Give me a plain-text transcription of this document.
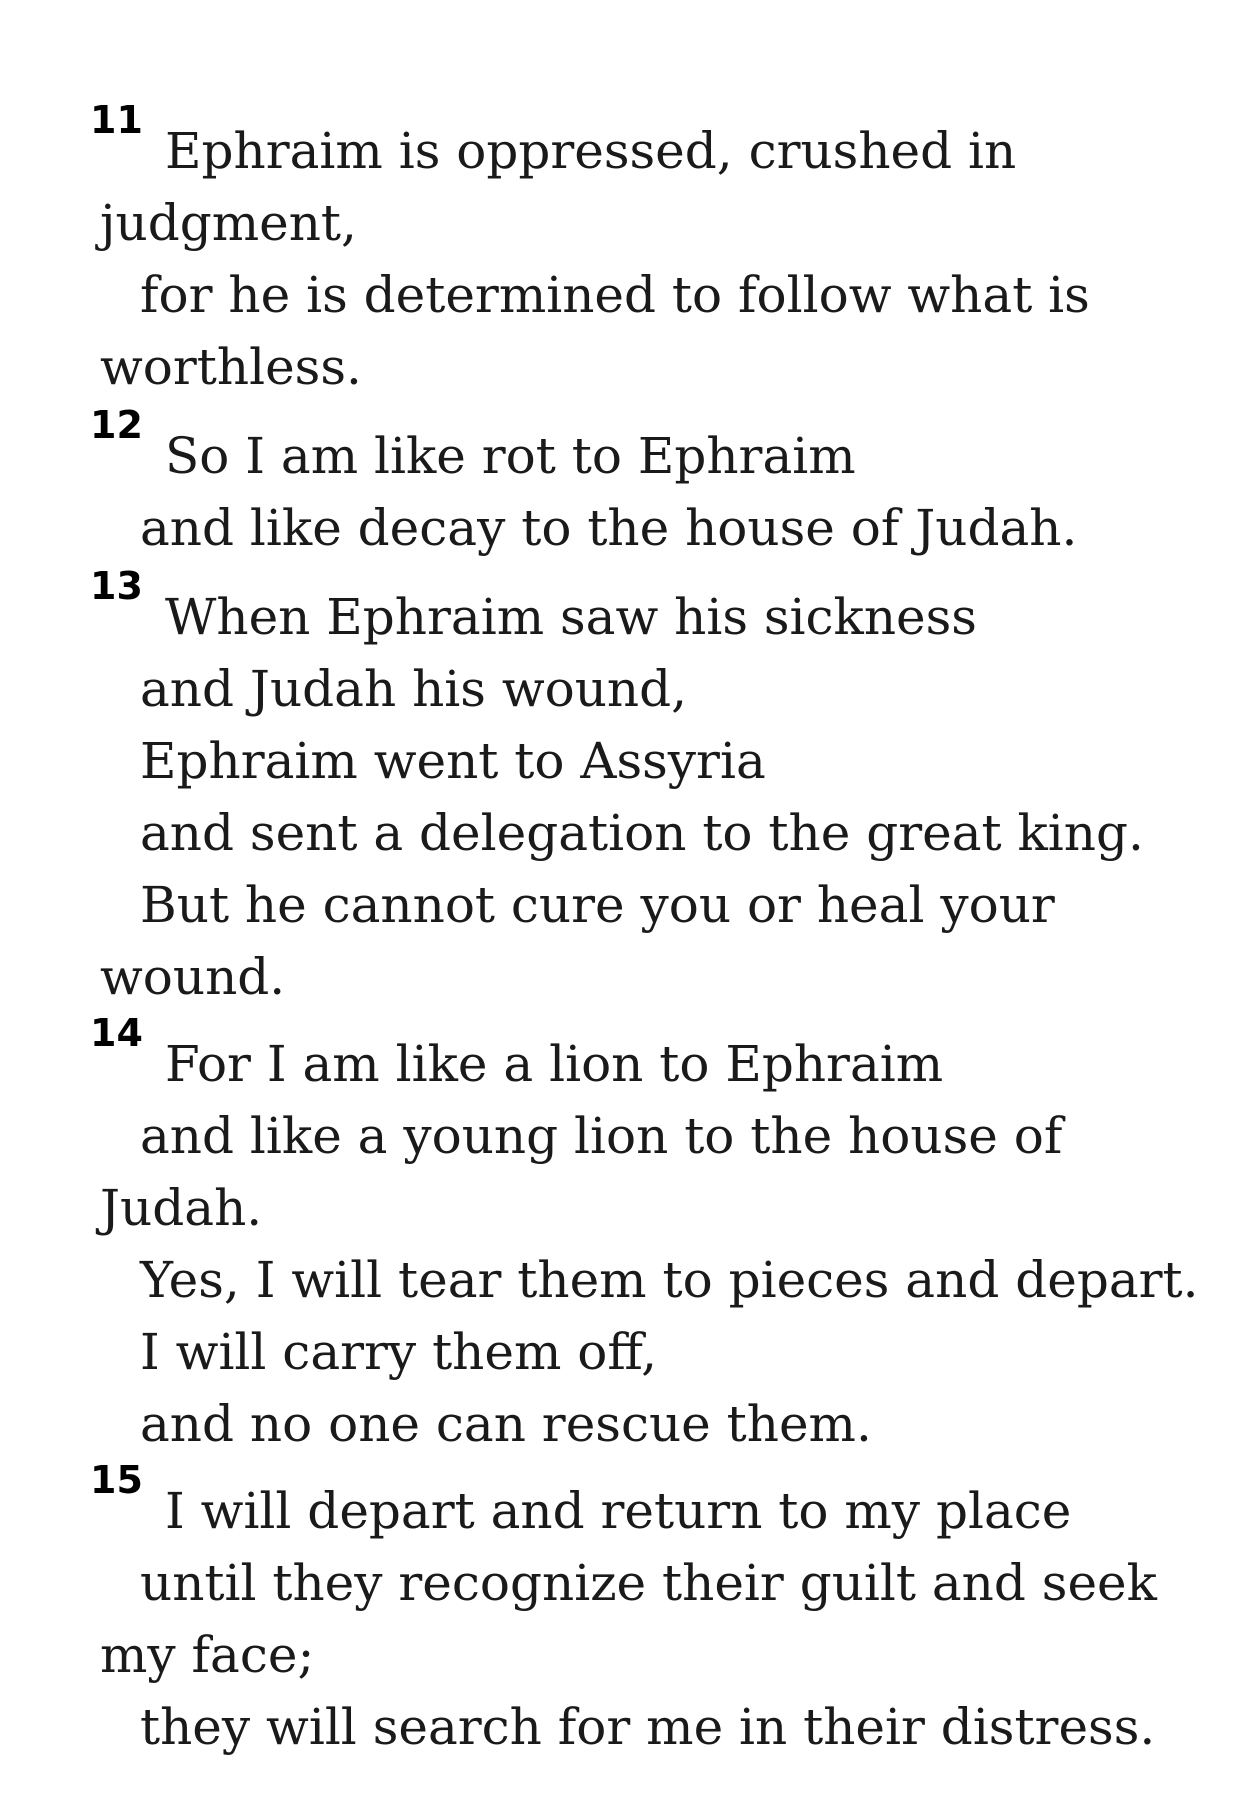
11
Ephraim is oppressed, crushed in
judgment,
for he is determined to follow what is
worthless.
12
So I am like rot to Ephraim
and like decay to the house of Judah.
13
When Ephraim saw his sickness
and Judah his wound,
Ephraim went to Assyria
and sent a delegation to the great king.
But he cannot cure you or heal your
wound.
14
For I am like a lion to Ephraim
and like a young lion to the house of
Judah.
Yes, I will tear them to pieces and depart.
I will carry them off,
and no one can rescue them.
15
I will depart and return to my place
until they recognize their guilt and seek
my face;
they will search for me in their distress.
